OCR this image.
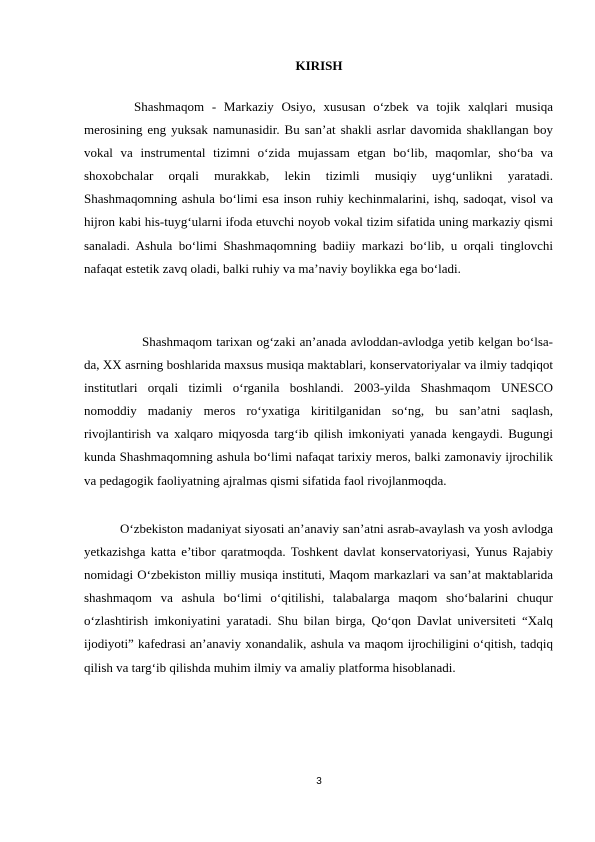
KIRISH

Shashmaqom - Markaziy Osiyo, xususan o‘zbek va tojik xalqlari musiqa merosining eng yuksak namunasidir. Bu san’at shakli asrlar davomida shakllangan boy vokal va instrumental tizimni o‘zida mujassam etgan bo‘lib, maqomlar, sho‘ba va shoxobchalar orqali murakkab, lekin tizimli musiqiy uyg‘unlikni yaratadi. Shashmaqomning ashula bo‘limi esa inson ruhiy kechinmalarini, ishq, sadoqat, visol va hijron kabi his-tuyg‘ularni ifoda etuvchi noyob vokal tizim sifatida uning markaziy qismi sanaladi. Ashula bo‘limi Shashmaqomning badiiy markazi bo‘lib, u orqali tinglovchi nafaqat estetik zavq oladi, balki ruhiy va ma’naviy boylikka ega bo‘ladi.

Shashmaqom tarixan og‘zaki an’anada avloddan-avlodga yetib kelgan bo‘lsa-da, XX asrning boshlarida maxsus musiqa maktablari, konservatoriyalar va ilmiy tadqiqot institutlari orqali tizimli o‘rganila boshlandi. 2003-yilda Shashmaqom UNESCO nomoddiy madaniy meros ro‘yxatiga kiritilganidan so‘ng, bu san’atni saqlash, rivojlantirish va xalqaro miqyosda targ‘ib qilish imkoniyati yanada kengaydi. Bugungi kunda Shashmaqomning ashula bo‘limi nafaqat tarixiy meros, balki zamonaviy ijrochilik va pedagogik faoliyatning ajralmas qismi sifatida faol rivojlanmoqda.

O‘zbekiston madaniyat siyosati an’anaviy san’atni asrab-avaylash va yosh avlodga yetkazishga katta e’tibor qaratmoqda. Toshkent davlat konservatoriyasi, Yunus Rajabiy nomidagi O‘zbekiston milliy musiqa instituti, Maqom markazlari va san’at maktablarida shashmaqom va ashula bo‘limi o‘qitilishi, talabalarga maqom sho‘balarini chuqur o‘zlashtirish imkoniyatini yaratadi. Shu bilan birga, Qo‘qon Davlat universiteti “Xalq ijodiyoti” kafedrasi an’anaviy xonandalik, ashula va maqom ijrochiligini o‘qitish, tadqiq qilish va targ‘ib qilishda muhim ilmiy va amaliy platforma hisoblanadi.

3
